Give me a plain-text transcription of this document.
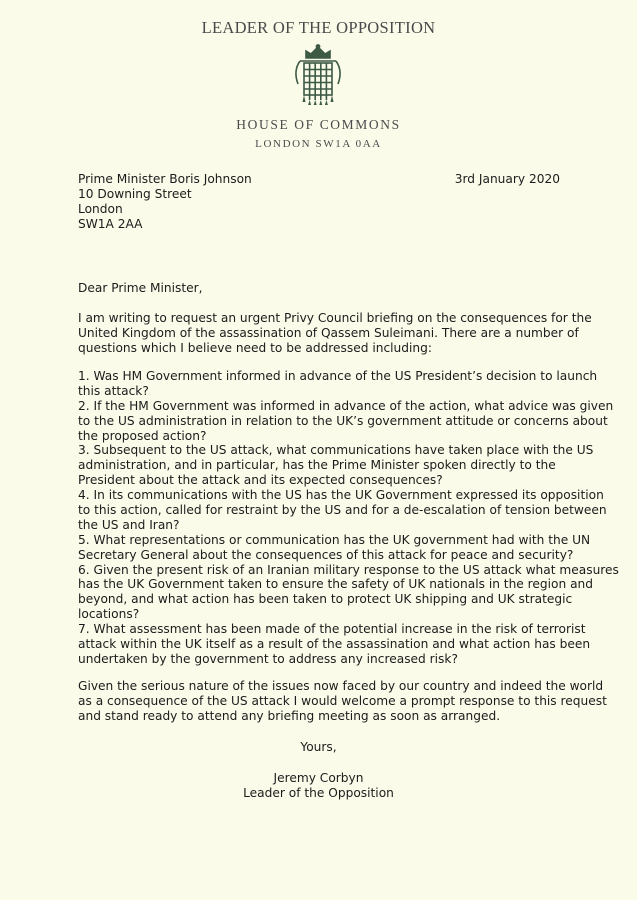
LEADER OF THE OPPOSITION
HOUSE OF COMMONS
LONDON SW1A 0AA
Prime Minister Boris Johnson
10 Downing Street
London
SW1A 2AA
3rd January 2020
Dear Prime Minister,
I am writing to request an urgent Privy Council briefing on the consequences for the
United Kingdom of the assassination of Qassem Suleimani. There are a number of
questions which I believe need to be addressed including:
1. Was HM Government informed in advance of the US President’s decision to launch
this attack?
2. If the HM Government was informed in advance of the action, what advice was given
to the US administration in relation to the UK’s government attitude or concerns about
the proposed action?
3. Subsequent to the US attack, what communications have taken place with the US
administration, and in particular, has the Prime Minister spoken directly to the
President about the attack and its expected consequences?
4. In its communications with the US has the UK Government expressed its opposition
to this action, called for restraint by the US and for a de-escalation of tension between
the US and Iran?
5. What representations or communication has the UK government had with the UN
Secretary General about the consequences of this attack for peace and security?
6. Given the present risk of an Iranian military response to the US attack what measures
has the UK Government taken to ensure the safety of UK nationals in the region and
beyond, and what action has been taken to protect UK shipping and UK strategic
locations?
7. What assessment has been made of the potential increase in the risk of terrorist
attack within the UK itself as a result of the assassination and what action has been
undertaken by the government to address any increased risk?
Given the serious nature of the issues now faced by our country and indeed the world
as a consequence of the US attack I would welcome a prompt response to this request
and stand ready to attend any briefing meeting as soon as arranged.
Yours,
Jeremy Corbyn
Leader of the Opposition
